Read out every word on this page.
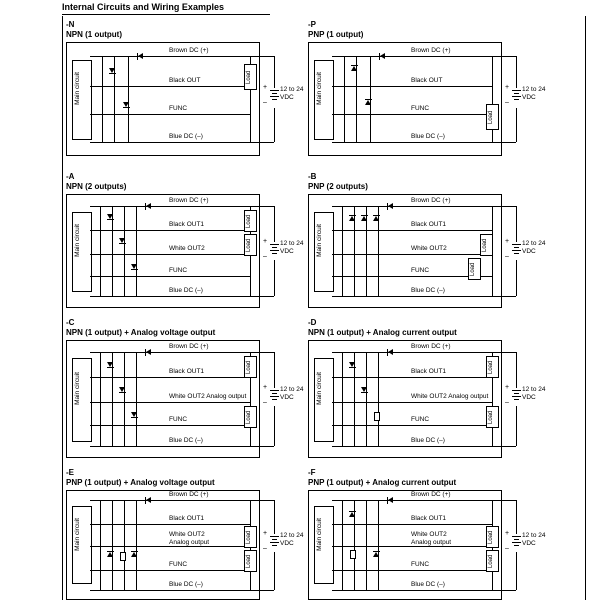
Internal Circuits and Wiring Examples
-N
NPN (1 output)
Main circuit
Brown DC (+)
Black OUT
FUNC
Blue DC (–)
Load
+
–
12 to 24
VDC
-P
PNP (1 output)
Main circuit
Brown DC (+)
Black OUT
FUNC
Blue DC (–)
Load
+
–
12 to 24
VDC
-A
NPN (2 outputs)
Main circuit
Brown DC (+)
Black OUT1
White OUT2
FUNC
Blue DC (–)
Load
Load	+
–
12 to 24
VDC
-B
PNP (2 outputs)
Main circuit
Brown DC (+)
Black OUT1
White OUT2
FUNC
Blue DC (–)
Load
Load
+
–
12 to 24
VDC
-C
NPN (1 output) + Analog voltage output
Main circuit
Brown DC (+)
Black OUT1
White OUT2 Analog output
FUNC
Blue DC (–)
Load
Load
+
–
12 to 24
VDC
-D
NPN (1 output) + Analog current output
Main circuit
Brown DC (+)
Black OUT1
White OUT2 Analog output
FUNC
Blue DC (–)
Load
Load
+
–
12 to 24
VDC
-E
PNP (1 output) + Analog voltage output
Main circuit
Brown DC (+)
Black OUT1
White OUT2
Analog output
FUNC
Blue DC (–)
Load
Load
+
–
12 to 24
VDC
-F
PNP (1 output) + Analog current output
Main circuit
Brown DC (+)
Black OUT1
White OUT2
Analog output
FUNC
Blue DC (–)
Load
Load
+
–
12 to 24
VDC
